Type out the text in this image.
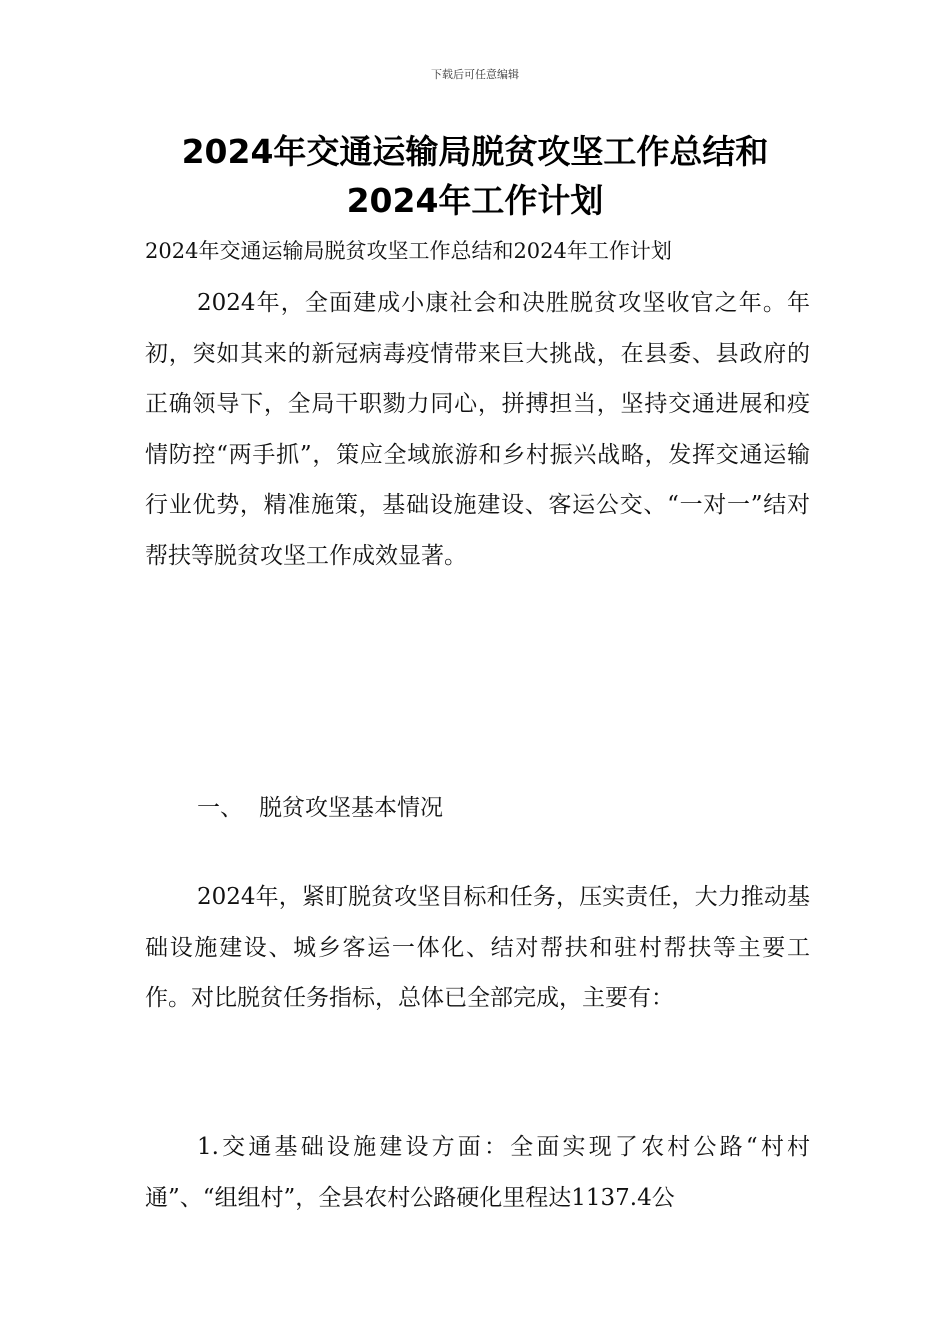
下载后可任意编辑
2024年交通运输局脱贫攻坚工作总结和
2024年工作计划
2024年交通运输局脱贫攻坚工作总结和2024年工作计划
2024年，全面建成小康社会和决胜脱贫攻坚收官之年。年初，突如其来的新冠病毒疫情带来巨大挑战，在县委、县政府的正确领导下，全局干职勠力同心，拼搏担当，坚持交通进展和疫情防控“两手抓”，策应全域旅游和乡村振兴战略，发挥交通运输行业优势，精准施策，基础设施建设、客运公交、“一对一”结对帮扶等脱贫攻坚工作成效显著。
一、 脱贫攻坚基本情况
2024年，紧盯脱贫攻坚目标和任务，压实责任，大力推动基础设施建设、城乡客运一体化、结对帮扶和驻村帮扶等主要工作。对比脱贫任务指标，总体已全部完成，主要有：
1.交通基础设施建设方面：全面实现了农村公路“村村通”、“组组村”，全县农村公路硬化里程达1137.4公
